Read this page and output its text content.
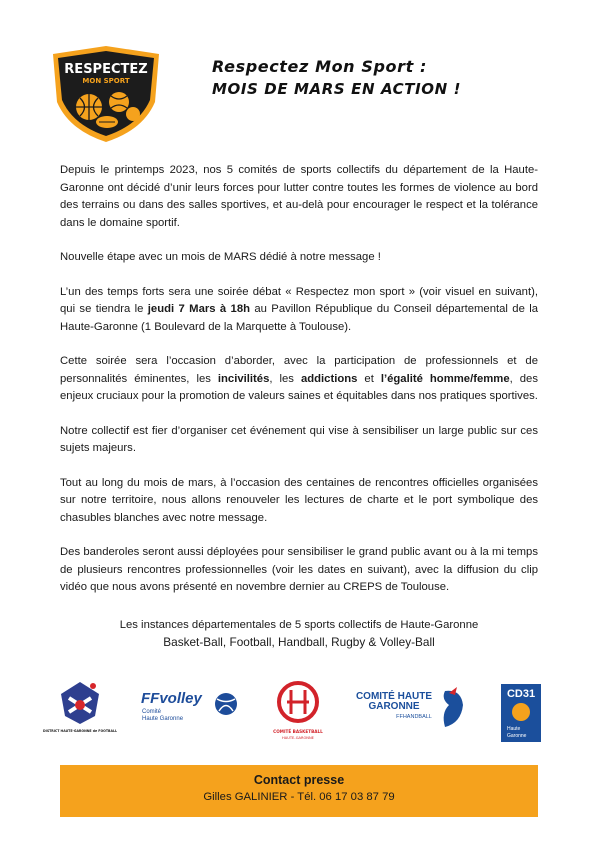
RESPECTEZ
MON SPORT
Respectez Mon Sport :
MOIS DE MARS EN ACTION !

Depuis le printemps 2023, nos 5 comités de sports collectifs du département de la Haute-Garonne ont décidé d’unir leurs forces pour lutter contre toutes les formes de violence au bord des terrains ou dans des salles sportives, et au-delà pour encourager le respect et la tolérance dans le domaine sportif.

Nouvelle étape avec un mois de MARS dédié à notre message !

L’un des temps forts sera une soirée débat « Respectez mon sport » (voir visuel en suivant), qui se tiendra le jeudi 7 Mars à 18h au Pavillon République du Conseil départemental de la Haute-Garonne (1 Boulevard de la Marquette à Toulouse).

Cette soirée sera l’occasion d’aborder, avec la participation de professionnels et de personnalités éminentes, les incivilités, les addictions et l’égalité homme/femme, des enjeux cruciaux pour la promotion de valeurs saines et équitables dans nos pratiques sportives.

Notre collectif est fier d’organiser cet événement qui vise à sensibiliser un large public sur ces sujets majeurs.

Tout au long du mois de mars, à l’occasion des centaines de rencontres officielles organisées sur notre territoire, nous allons renouveler les lectures de charte et le port symbolique des chasubles blanches avec notre message.

Des banderoles seront aussi déployées pour sensibiliser le grand public avant ou à la mi temps de plusieurs rencontres professionnelles (voir les dates en suivant), avec la diffusion du clip vidéo que nous avons présenté en novembre dernier au CREPS de Toulouse.

Les instances départementales de 5 sports collectifs de Haute-Garonne
Basket-Ball, Football, Handball, Rugby & Volley-Ball
DISTRICT HAUTE-GARONNE de FOOTBALL
FFvolley
Comité
Haute Garonne
COMITÉ BASKETBALL
HAUTE-GARONNE
COMITÉ HAUTE
GARONNE
FFHANDBALL
CD31
Haute
Garonne
Contact presse
Gilles GALINIER - Tél. 06 17 03 87 79
